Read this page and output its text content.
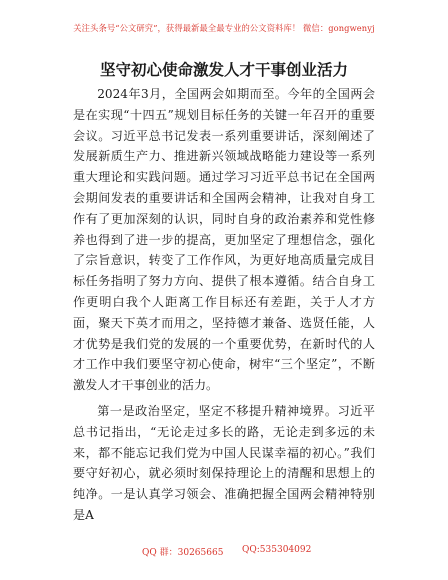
关注头条号“公文研究”，获得最新最全最专业的公文资料库！ 微信：gongwenyj
坚守初心使命激发人才干事创业活力

2024年3月，全国两会如期而至。今年的全国两会是在实现“十四五”规划目标任务的关键一年召开的重要会议。习近平总书记发表一系列重要讲话，深刻阐述了发展新质生产力、推进新兴领域战略能力建设等一系列重大理论和实践问题。通过学习习近平总书记在全国两会期间发表的重要讲话和全国两会精神，让我对自身工作有了更加深刻的认识，同时自身的政治素养和党性修养也得到了进一步的提高，更加坚定了理想信念，强化了宗旨意识，转变了工作作风，为更好地高质量完成目标任务指明了努力方向、提供了根本遵循。结合自身工作更明白我个人距离工作目标还有差距，关于人才方面，聚天下英才而用之，坚持德才兼备、选贤任能，人才优势是我们党的发展的一个重要优势，在新时代的人才工作中我们要坚守初心使命，树牢“三个坚定”，不断激发人才干事创业的活力。

第一是政治坚定，坚定不移提升精神境界。习近平总书记指出，“无论走过多长的路，无论走到多远的未来，都不能忘记我们党为中国人民谋幸福的初心。”我们要守好初心，就必须时刻保持理论上的清醒和思想上的纯净。一是认真学习领会、准确把握全国两会精神特别是A

QQ 群：30265665 QQ:535304092
